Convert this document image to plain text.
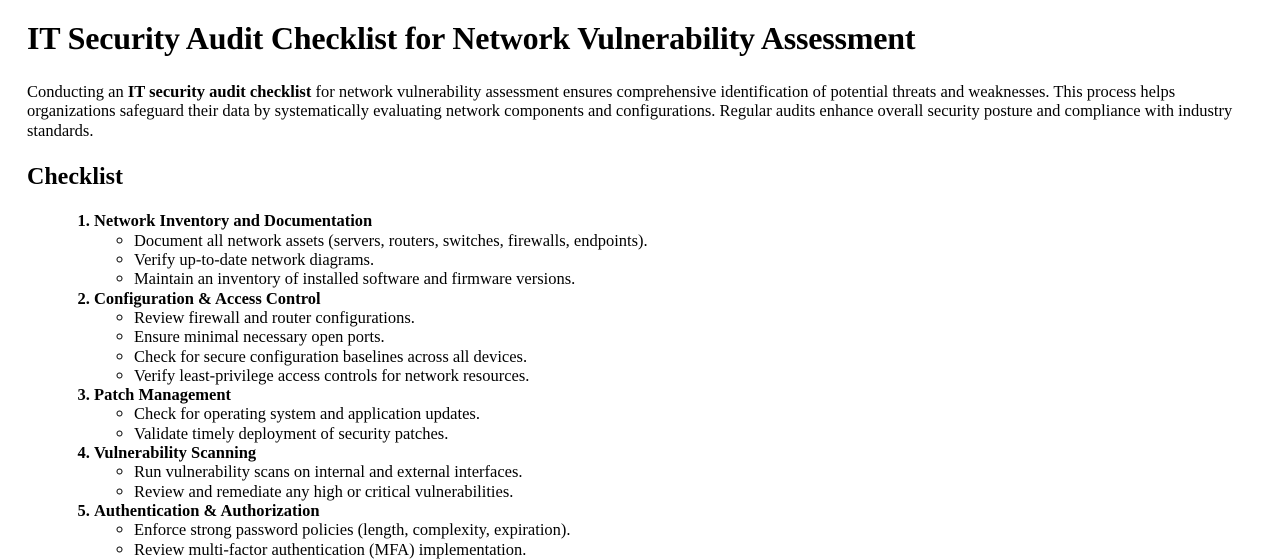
IT Security Audit Checklist for Network Vulnerability Assessment

Conducting an IT security audit checklist for network vulnerability assessment ensures comprehensive identification of potential threats and weaknesses. This process helps organizations safeguard their data by systematically evaluating network components and configurations. Regular audits enhance overall security posture and compliance with industry standards.

Checklist
1. Network Inventory and Documentation
◦ Document all network assets (servers, routers, switches, firewalls, endpoints).
◦ Verify up-to-date network diagrams.
◦ Maintain an inventory of installed software and firmware versions.
2. Configuration & Access Control
◦ Review firewall and router configurations.
◦ Ensure minimal necessary open ports.
◦ Check for secure configuration baselines across all devices.
◦ Verify least-privilege access controls for network resources.
3. Patch Management
◦ Check for operating system and application updates.
◦ Validate timely deployment of security patches.
4. Vulnerability Scanning
◦ Run vulnerability scans on internal and external interfaces.
◦ Review and remediate any high or critical vulnerabilities.
5. Authentication & Authorization
◦ Enforce strong password policies (length, complexity, expiration).
◦ Review multi-factor authentication (MFA) implementation.
